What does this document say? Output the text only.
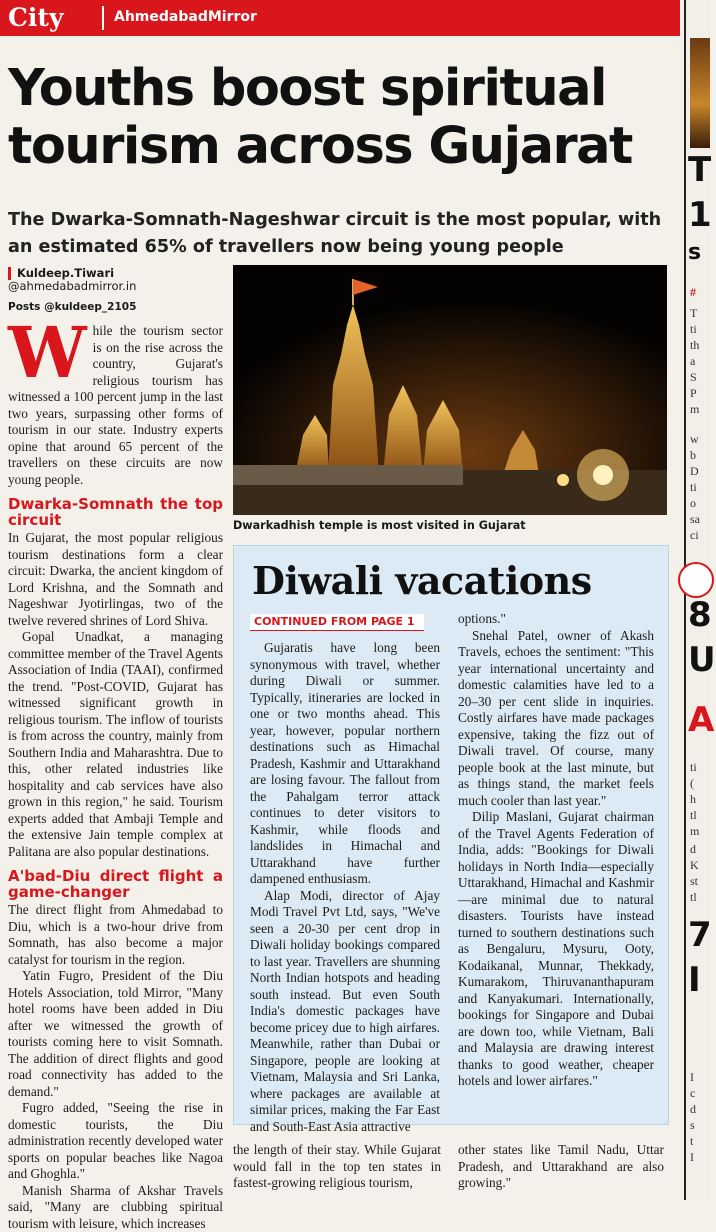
City	AhmedabadMirror
T
1
s
#
T
ti
th
a
S
P
m
w
b
D
ti
o
sa
ci
8
U
A
ti
(
h
tl
m
d
K
st
tl
7
I
I
c
d
s
t
I
Youths boost spiritual tourism across Gujarat
The Dwarka-Somnath-Nageshwar circuit is the most popular, with an estimated 65% of travellers now being young people
Kuldeep.Tiwari
@ahmedabadmirror.in
Posts @kuldeep_2105

While the tourism sector is on the rise across the country, Gujarat's religious tourism has witnessed a 100 percent jump in the last two years, surpassing other forms of tourism in our state. Industry experts opine that around 65 percent of the travellers on these circuits are now young people.

Dwarka-Somnath the top circuit

In Gujarat, the most popular religious tourism destinations form a clear circuit: Dwarka, the ancient kingdom of Lord Krishna, and the Somnath and Nageshwar Jyotirlingas, two of the twelve revered shrines of Lord Shiva.

Gopal Unadkat, a managing committee member of the Travel Agents Association of India (TAAI), confirmed the trend. "Post-COVID, Gujarat has witnessed significant growth in religious tourism. The inflow of tourists is from across the country, mainly from Southern India and Maharashtra. Due to this, other related industries like hospitality and cab services have also grown in this region," he said. Tourism experts added that Ambaji Temple and the extensive Jain temple complex at Palitana are also popular destinations.

A'bad-Diu direct flight a game-changer

The direct flight from Ahmedabad to Diu, which is a two-hour drive from Somnath, has also become a major catalyst for tourism in the region.

Yatin Fugro, President of the Diu Hotels Association, told Mirror, "Many hotel rooms have been added in Diu after we witnessed the growth of tourists coming here to visit Somnath. The addition of direct flights and good road connectivity has added to the demand."

Fugro added, "Seeing the rise in domestic tourists, the Diu administration recently developed water sports on popular beaches like Nagoa and Ghoghla."

Manish Sharma of Akshar Travels said, "Many are clubbing spiritual tourism with leisure, which increases

Dwarkadhish temple is most visited in Gujarat
Diwali vacations
CONTINUED FROM PAGE 1

Gujaratis have long been synonymous with travel, whether during Diwali or summer. Typically, itineraries are locked in one or two months ahead. This year, however, popular northern destinations such as Himachal Pradesh, Kashmir and Uttarakhand are losing favour. The fallout from the Pahalgam terror attack continues to deter visitors to Kashmir, while floods and landslides in Himachal and Uttarakhand have further dampened enthusiasm.

Alap Modi, director of Ajay Modi Travel Pvt Ltd, says, "We've seen a 20-30 per cent drop in Diwali holiday bookings compared to last year. Travellers are shunning North Indian hotspots and heading south instead. But even South India's domestic packages have become pricey due to high airfares. Meanwhile, rather than Dubai or Singapore, people are looking at Vietnam, Malaysia and Sri Lanka, where packages are available at similar prices, making the Far East and South-East Asia attractive

options."

Snehal Patel, owner of Akash Travels, echoes the sentiment: "This year international uncertainty and domestic calamities have led to a 20–30 per cent slide in inquiries. Costly airfares have made packages expensive, taking the fizz out of Diwali travel. Of course, many people book at the last minute, but as things stand, the market feels much cooler than last year."

Dilip Maslani, Gujarat chairman of the Travel Agents Federation of India, adds: "Bookings for Diwali holidays in North India—especially Uttarakhand, Himachal and Kashmir—are minimal due to natural disasters. Tourists have instead turned to southern destinations such as Bengaluru, Mysuru, Ooty, Kodaikanal, Munnar, Thekkady, Kumarakom, Thiruvananthapuram and Kanyakumari. Internationally, bookings for Singapore and Dubai are down too, while Vietnam, Bali and Malaysia are drawing interest thanks to good weather, cheaper hotels and lower airfares."

the length of their stay. While Gujarat would fall in the top ten states in fastest-growing religious tourism,
other states like Tamil Nadu, Uttar Pradesh, and Uttarakhand are also growing."
